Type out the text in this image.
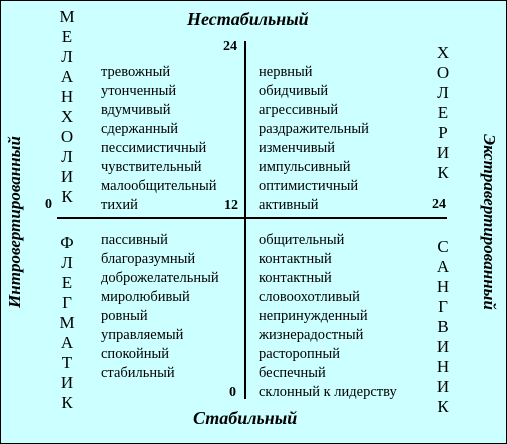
Нестабильный
Стабильный
Интровертированный	Экстравертированный
0	12	24
24
0
М
Е
Л
А
Н
Х
О
Л
И
К
Х
О
Л
Е
Р
И
К
Ф
Л
Е
Г
М
А
Т
И
К
С
А
Н
Г
В
И
Н
И
К
тревожный
утонченный
вдумчивый
сдержанный
пессимистичный
чувствительный
малообщительный
тихий
нервный
обидчивый
агрессивный
раздражительный
изменчивый
импульсивный
оптимистичный
активный
пассивный
благоразумный
доброжелательный
миролюбивый
ровный
управляемый
спокойный
стабильный
общительный
контактный
контактный
словоохотливый
непринужденный
жизнерадостный
расторопный
беспечный
склонный к лидерству
